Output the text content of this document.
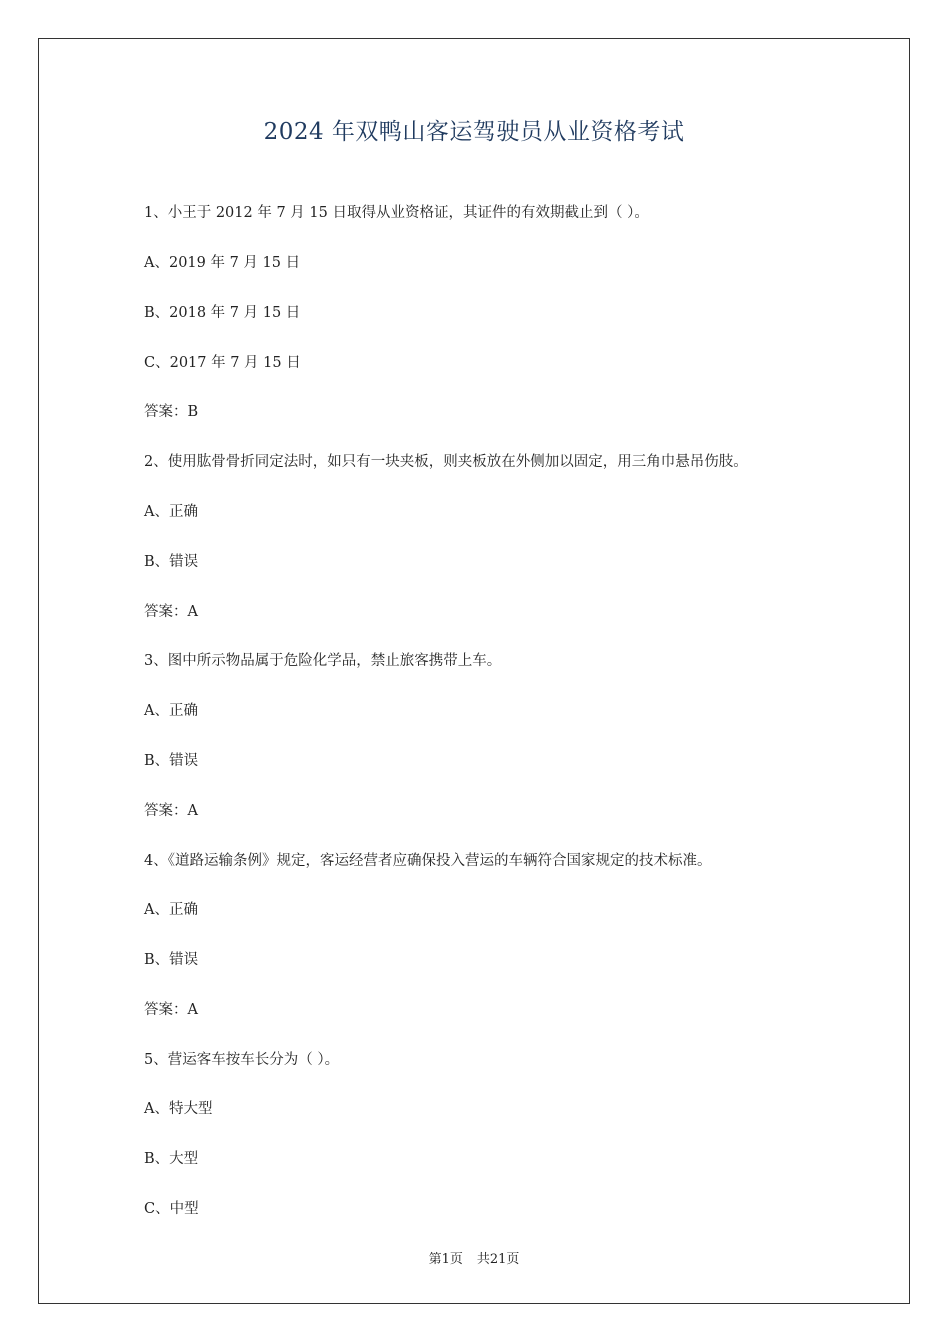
2024 年双鸭山客运驾驶员从业资格考试
1、小王于 2012 年 7 月 15 日取得从业资格证，其证件的有效期截止到（ ）。
A、2019 年 7 月 15 日
B、2018 年 7 月 15 日
C、2017 年 7 月 15 日
答案：B
2、使用肱骨骨折同定法时，如只有一块夹板，则夹板放在外侧加以固定，用三角巾悬吊伤肢。
A、正确
B、错误
答案：A
3、图中所示物品属于危险化学品，禁止旅客携带上车。
A、正确
B、错误
答案：A
4、《道路运输条例》规定，客运经营者应确保投入营运的车辆符合国家规定的技术标准。
A、正确
B、错误
答案：A
5、营运客车按车长分为（ ）。
A、特大型
B、大型
C、中型
第1页 共21页
